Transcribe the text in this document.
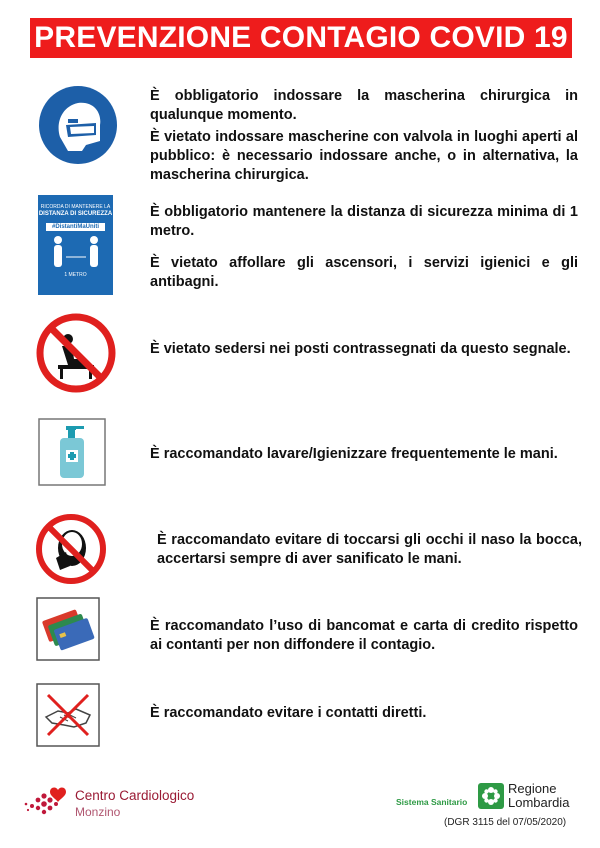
PREVENZIONE CONTAGIO COVID 19

È obbligatorio indossare la mascherina chirurgica in qualunque momento.

È vietato indossare mascherine con valvola in luoghi aperti al pubblico: è necessario indossare anche, o in alternativa, la mascherina chirurgica.

RICORDA DI MANTENERE LA
DISTANZA DI SICUREZZA
#DistantiMaUniti
1 METRO

È obbligatorio mantenere la distanza di sicurezza minima di 1 metro.

È vietato affollare gli ascensori, i servizi igienici e gli antibagni.

È vietato sedersi nei posti contrassegnati da questo segnale.

È raccomandato lavare/Igienizzare frequentemente le mani.

È raccomandato evitare di toccarsi gli occhi il naso la bocca, accertarsi sempre di aver sanificato le mani.

È raccomandato l’uso di bancomat e carta di credito rispetto ai contanti per non diffondere il contagio.

È raccomandato evitare i contatti diretti.

Centro Cardiologico
Monzino
Sistema Sanitario
Regione
Lombardia
(DGR 3115 del 07/05/2020)
